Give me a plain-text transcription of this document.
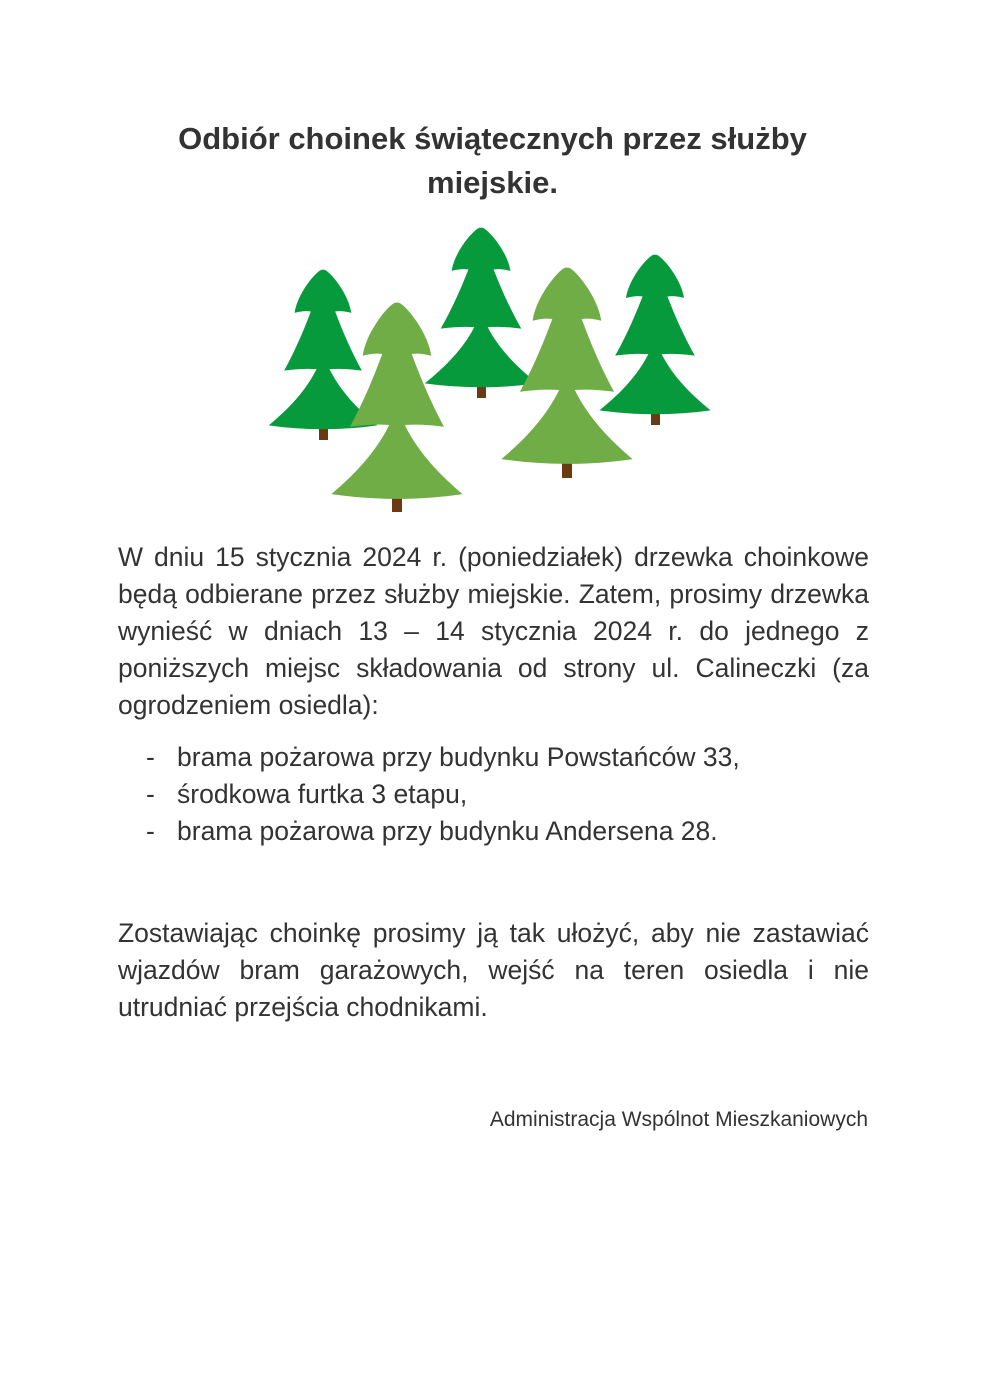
Odbiór choinek świątecznych przez służby miejskie.

W dniu 15 stycznia 2024 r. (poniedziałek) drzewka choinkowe będą odbierane przez służby miejskie. Zatem, prosimy drzewka wynieść w dniach 13 – 14 stycznia 2024 r. do jednego z poniższych miejsc składowania od strony ul. Calineczki (za ogrodzeniem osiedla):

- brama pożarowa przy budynku Powstańców 33,
- środkowa furtka 3 etapu,
- brama pożarowa przy budynku Andersena 28.

Zostawiając choinkę prosimy ją tak ułożyć, aby nie zastawiać wjazdów bram garażowych, wejść na teren osiedla i nie utrudniać przejścia chodnikami.

Administracja Wspólnot Mieszkaniowych
